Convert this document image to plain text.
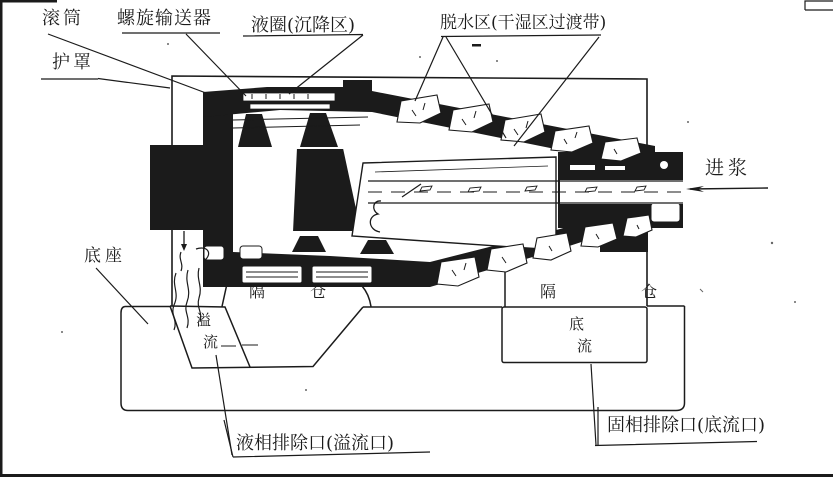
滚筒 螺旋输送器 液圈(沉降区)	脱水区(干湿区过渡带)
护罩
进浆
底座
隔 仓	隔 仓
溢
流
底
流
液相排除口(溢流口)
固相排除口(底流口)
